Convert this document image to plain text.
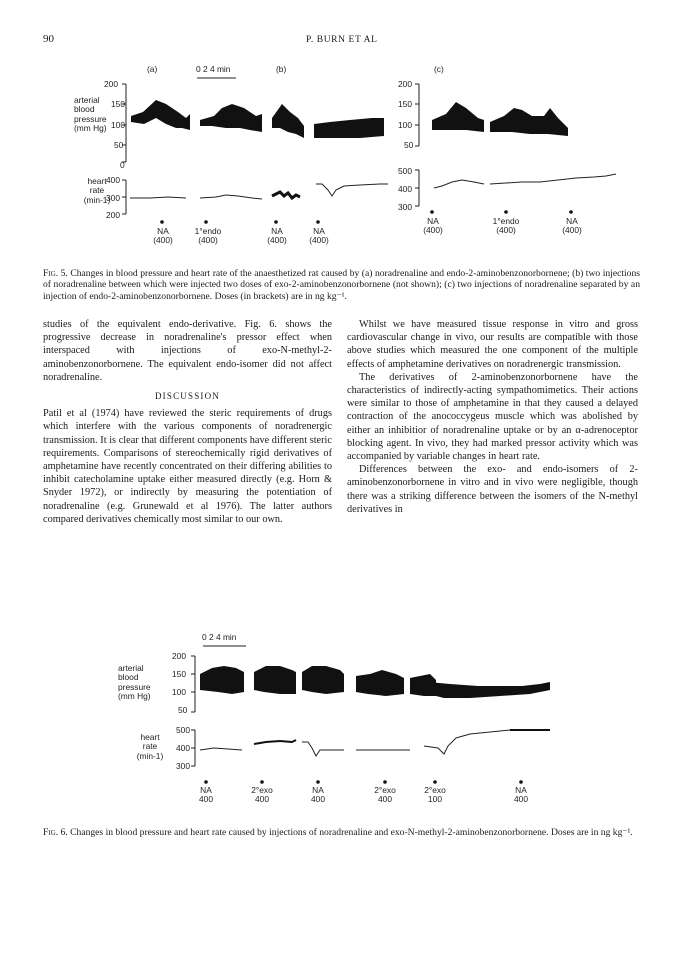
90	P. BURN ET AL
(a)	(b)	(c)
0 2 4 min
arterial
blood
pressure
(mm Hg)
200
150
100
50
0
heart
rate
(min-1)
400
300
200
200
150
100
50
500
400
300
NA
(400)
1°endo
(400)
NA
(400)
NA
(400)
NA
(400)
1°endo
(400)
NA
(400)
Fig. 5. Changes in blood pressure and heart rate of the anaesthetized rat caused by (a) noradrenaline and endo-2-aminobenzonorbornene; (b) two injections of noradrenaline between which were injected two doses of exo-2-aminobenzonorbornene (not shown); (c) two injections of noradrenaline separated by an injection of endo-2-aminobenzonorbornene. Doses (in brackets) are in ng kg⁻¹.

studies of the equivalent endo-derivative. Fig. 6. shows the progressive decrease in noradrenaline's pressor effect when interspaced with injections of exo-N-methyl-2-aminobenzonorbornene. The equivalent endo-isomer did not affect noradrenaline.

DISCUSSION

Patil et al (1974) have reviewed the steric requirements of drugs which interfere with the various components of noradrenergic transmission. It is clear that different components have different steric requirements. Comparisons of stereochemically rigid derivatives of amphetamine have recently concentrated on their differing abilities to inhibit catecholamine uptake either measured directly (e.g. Horn & Snyder 1972), or indirectly by measuring the potentiation of noradrenaline (e.g. Grunewald et al 1976). The latter authors compared derivatives chemically most similar to our own.

Whilst we have measured tissue response in vitro and gross cardiovascular change in vivo, our results are compatible with those above studies which measured the one component of the multiple effects of amphetamine derivatives on noradrenergic transmission.

The derivatives of 2-aminobenzonorbornene have the characteristics of indirectly-acting sympathomimetics. Their actions were similar to those of amphetamine in that they caused a delayed contraction of the anococcygeus muscle which was abolished by either an inhibitior of noradrenaline uptake or by an α-adrenoceptor blocking agent. In vivo, they had marked pressor activity which was accompanied by variable changes in heart rate.

Differences between the exo- and endo-isomers of 2-aminobenzonorbornene in vitro and in vivo were negligible, though there was a striking difference between the isomers of the N-methyl derivatives in

0 2 4 min
arterial
blood
pressure
(mm Hg)
200
150
100
50
heart
rate
(min-1)
500
400
300
NA
400
2°exo
400
NA
400
2°exo
400
2°exo
100
NA
400
Fig. 6. Changes in blood pressure and heart rate caused by injections of noradrenaline and exo-N-methyl-2-aminobenzonorbornene. Doses are in ng kg⁻¹.
